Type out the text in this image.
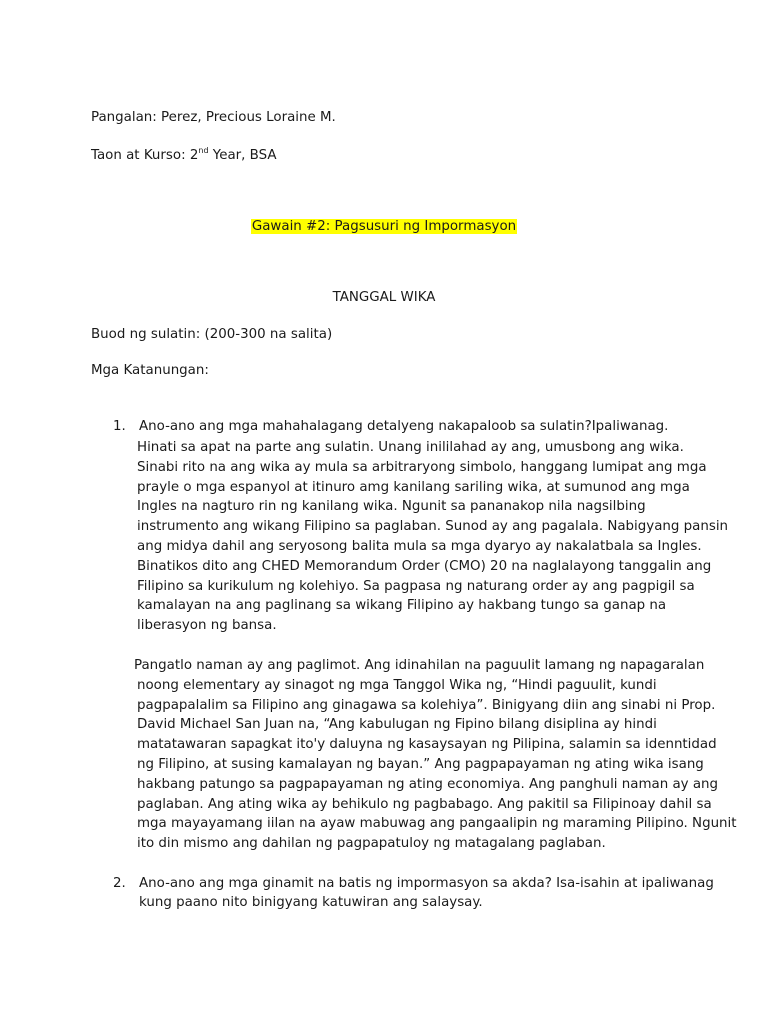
Pangalan: Perez, Precious Loraine M.
Taon at Kurso: 2nd Year, BSA
Gawain #2: Pagsusuri ng Impormasyon
TANGGAL WIKA
Buod ng sulatin: (200-300 na salita)
Mga Katanungan:
1. Ano-ano ang mga mahahalagang detalyeng nakapaloob sa sulatin?Ipaliwanag.
Hinati sa apat na parte ang sulatin. Unang inililahad ay ang, umusbong ang wika.
Sinabi rito na ang wika ay mula sa arbitraryong simbolo, hanggang lumipat ang mga
prayle o mga espanyol at itinuro amg kanilang sariling wika, at sumunod ang mga
Ingles na nagturo rin ng kanilang wika. Ngunit sa pananakop nila nagsilbing
instrumento ang wikang Filipino sa paglaban. Sunod ay ang pagalala. Nabigyang pansin
ang midya dahil ang seryosong balita mula sa mga dyaryo ay nakalatbala sa Ingles.
Binatikos dito ang CHED Memorandum Order (CMO) 20 na naglalayong tanggalin ang
Filipino sa kurikulum ng kolehiyo. Sa pagpasa ng naturang order ay ang pagpigil sa
kamalayan na ang paglinang sa wikang Filipino ay hakbang tungo sa ganap na
liberasyon ng bansa.
Pangatlo naman ay ang paglimot. Ang idinahilan na paguulit lamang ng napagaralan
noong elementary ay sinagot ng mga Tanggol Wika ng, “Hindi paguulit, kundi
pagpapalalim sa Filipino ang ginagawa sa kolehiya”. Binigyang diin ang sinabi ni Prop.
David Michael San Juan na, “Ang kabulugan ng Fipino bilang disiplina ay hindi
matatawaran sapagkat ito'y daluyna ng kasaysayan ng Pilipina, salamin sa idenntidad
ng Filipino, at susing kamalayan ng bayan.” Ang pagpapayaman ng ating wika isang
hakbang patungo sa pagpapayaman ng ating economiya. Ang panghuli naman ay ang
paglaban. Ang ating wika ay behikulo ng pagbabago. Ang pakitil sa Filipinoay dahil sa
mga mayayamang iilan na ayaw mabuwag ang pangaalipin ng maraming Pilipino. Ngunit
ito din mismo ang dahilan ng pagpapatuloy ng matagalang paglaban.
2. Ano-ano ang mga ginamit na batis ng impormasyon sa akda? Isa-isahin at ipaliwanag
kung paano nito binigyang katuwiran ang salaysay.
